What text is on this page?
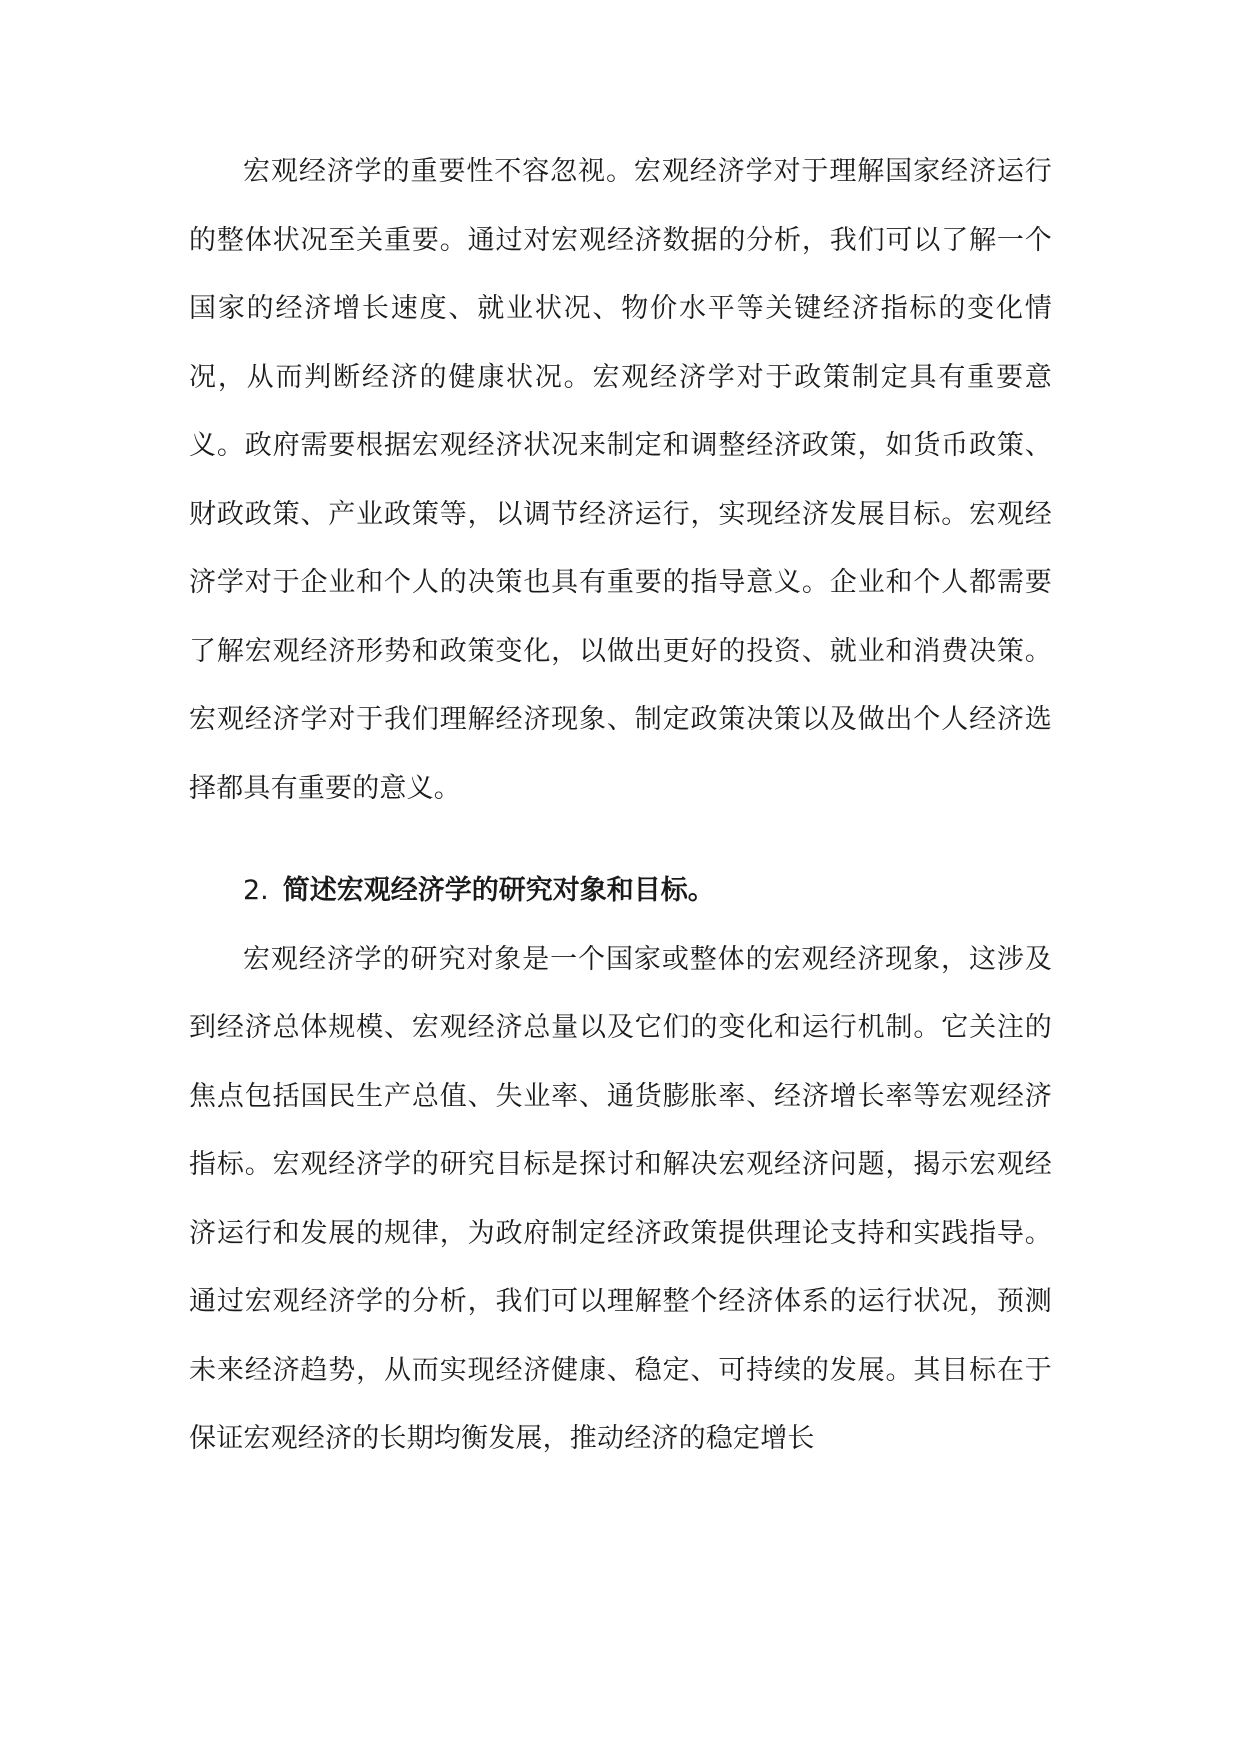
宏观经济学的重要性不容忽视。宏观经济学对于理解国家经济运行的整体状况至关重要。通过对宏观经济数据的分析，我们可以了解一个国家的经济增长速度、就业状况、物价水平等关键经济指标的变化情况，从而判断经济的健康状况。宏观经济学对于政策制定具有重要意义。政府需要根据宏观经济状况来制定和调整经济政策，如货币政策、财政政策、产业政策等，以调节经济运行，实现经济发展目标。宏观经济学对于企业和个人的决策也具有重要的指导意义。企业和个人都需要了解宏观经济形势和政策变化，以做出更好的投资、就业和消费决策。宏观经济学对于我们理解经济现象、制定政策决策以及做出个人经济选择都具有重要的意义。

2. 简述宏观经济学的研究对象和目标。

宏观经济学的研究对象是一个国家或整体的宏观经济现象，这涉及到经济总体规模、宏观经济总量以及它们的变化和运行机制。它关注的焦点包括国民生产总值、失业率、通货膨胀率、经济增长率等宏观经济指标。宏观经济学的研究目标是探讨和解决宏观经济问题，揭示宏观经济运行和发展的规律，为政府制定经济政策提供理论支持和实践指导。通过宏观经济学的分析，我们可以理解整个经济体系的运行状况，预测未来经济趋势，从而实现经济健康、稳定、可持续的发展。其目标在于保证宏观经济的长期均衡发展，推动经济的稳定增长
